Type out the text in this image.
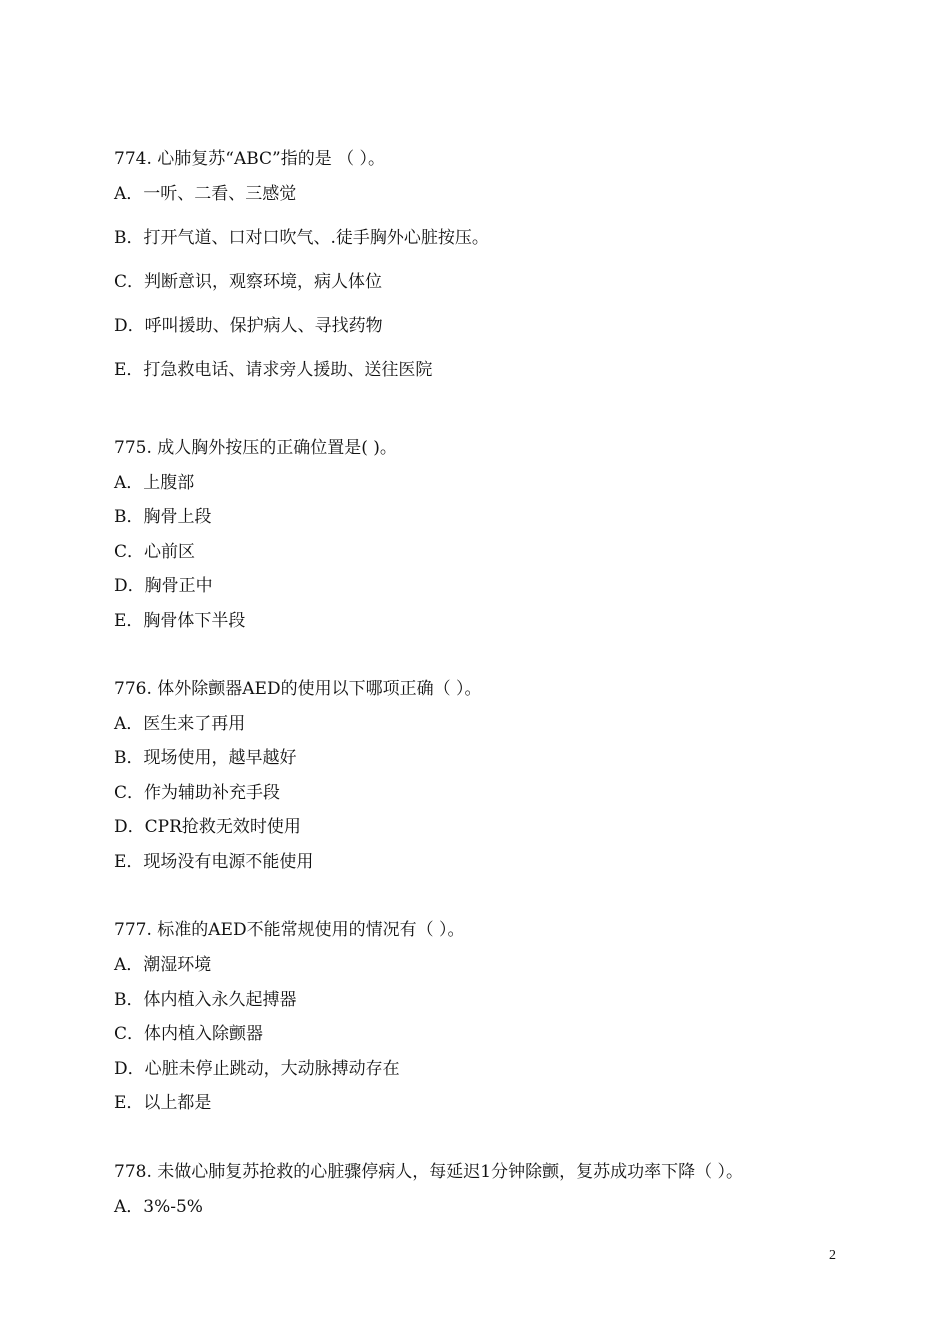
774. 心肺复苏“ABC”指的是 （ ）。
A．一听、二看、三感觉
B．打开气道、口对口吹气、.徒手胸外心脏按压。
C．判断意识，观察环境，病人体位
D．呼叫援助、保护病人、寻找药物
E．打急救电话、请求旁人援助、送往医院
775. 成人胸外按压的正确位置是( )。
A．上腹部
B．胸骨上段
C．心前区
D．胸骨正中
E．胸骨体下半段
776. 体外除颤器AED的使用以下哪项正确（ ）。
A．医生来了再用
B．现场使用，越早越好
C．作为辅助补充手段
D．CPR抢救无效时使用
E．现场没有电源不能使用
777. 标准的AED不能常规使用的情况有（ ）。
A．潮湿环境
B．体内植入永久起搏器
C．体内植入除颤器
D．心脏未停止跳动，大动脉搏动存在
E．以上都是
778. 未做心肺复苏抢救的心脏骤停病人，每延迟1分钟除颤，复苏成功率下降（ ）。
A．3%-5%
2
